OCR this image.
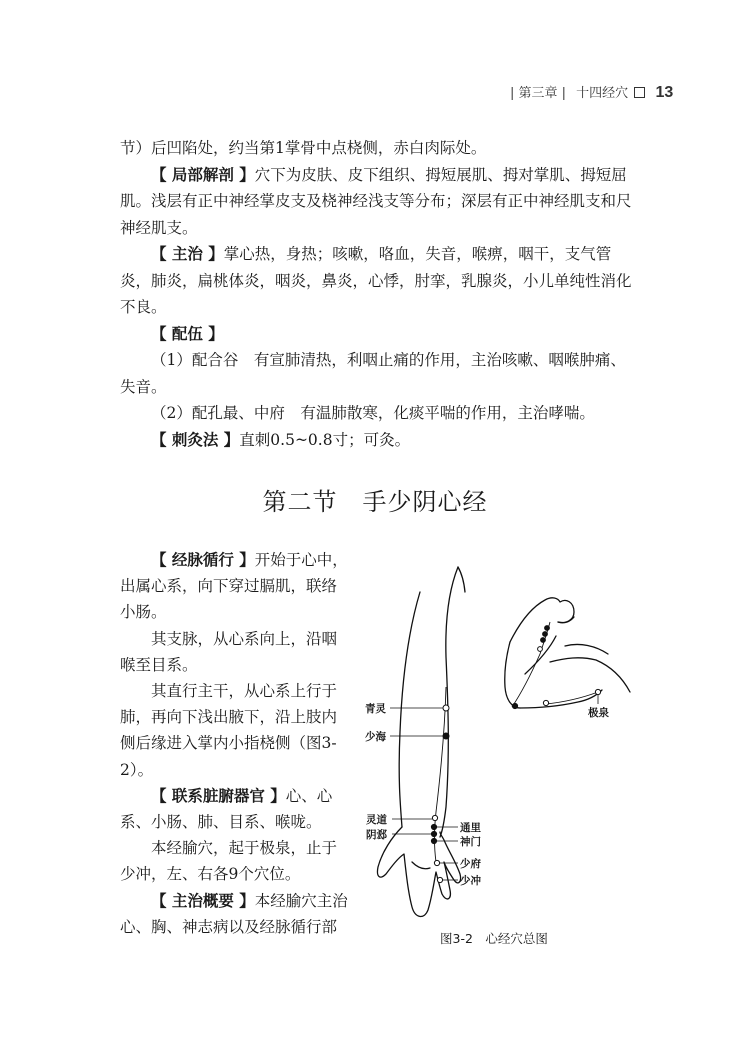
| 第三章 | 十四经穴 13

节）后凹陷处，约当第1掌骨中点桡侧，赤白肉际处。

【 局部解剖 】穴下为皮肤、皮下组织、拇短展肌、拇对掌肌、拇短屈肌。浅层有正中神经掌皮支及桡神经浅支等分布；深层有正中神经肌支和尺神经肌支。

【 主治 】掌心热，身热；咳嗽，咯血，失音，喉痹，咽干，支气管炎，肺炎，扁桃体炎，咽炎，鼻炎，心悸，肘挛，乳腺炎，小儿单纯性消化不良。

【 配伍 】

（1）配合谷　有宣肺清热，利咽止痛的作用，主治咳嗽、咽喉肿痛、失音。

（2）配孔最、中府　有温肺散寒，化痰平喘的作用，主治哮喘。

【 刺灸法 】直刺0.5~0.8寸；可灸。

第二节　手少阴心经

【 经脉循行 】开始于心中，出属心系，向下穿过膈肌，联络小肠。

其支脉，从心系向上，沿咽喉至目系。

其直行主干，从心系上行于肺，再向下浅出腋下，沿上肢内侧后缘进入掌内小指桡侧（图3-2）。

【 联系脏腑器官 】心、心系、小肠、肺、目系、喉咙。

本经腧穴，起于极泉，止于少冲，左、右各9个穴位。

【 主治概要 】本经腧穴主治心、胸、神志病以及经脉循行部

青灵
少海
灵道
阴郄
通里
神门
少府
少冲
极泉
图3-2　心经穴总图
